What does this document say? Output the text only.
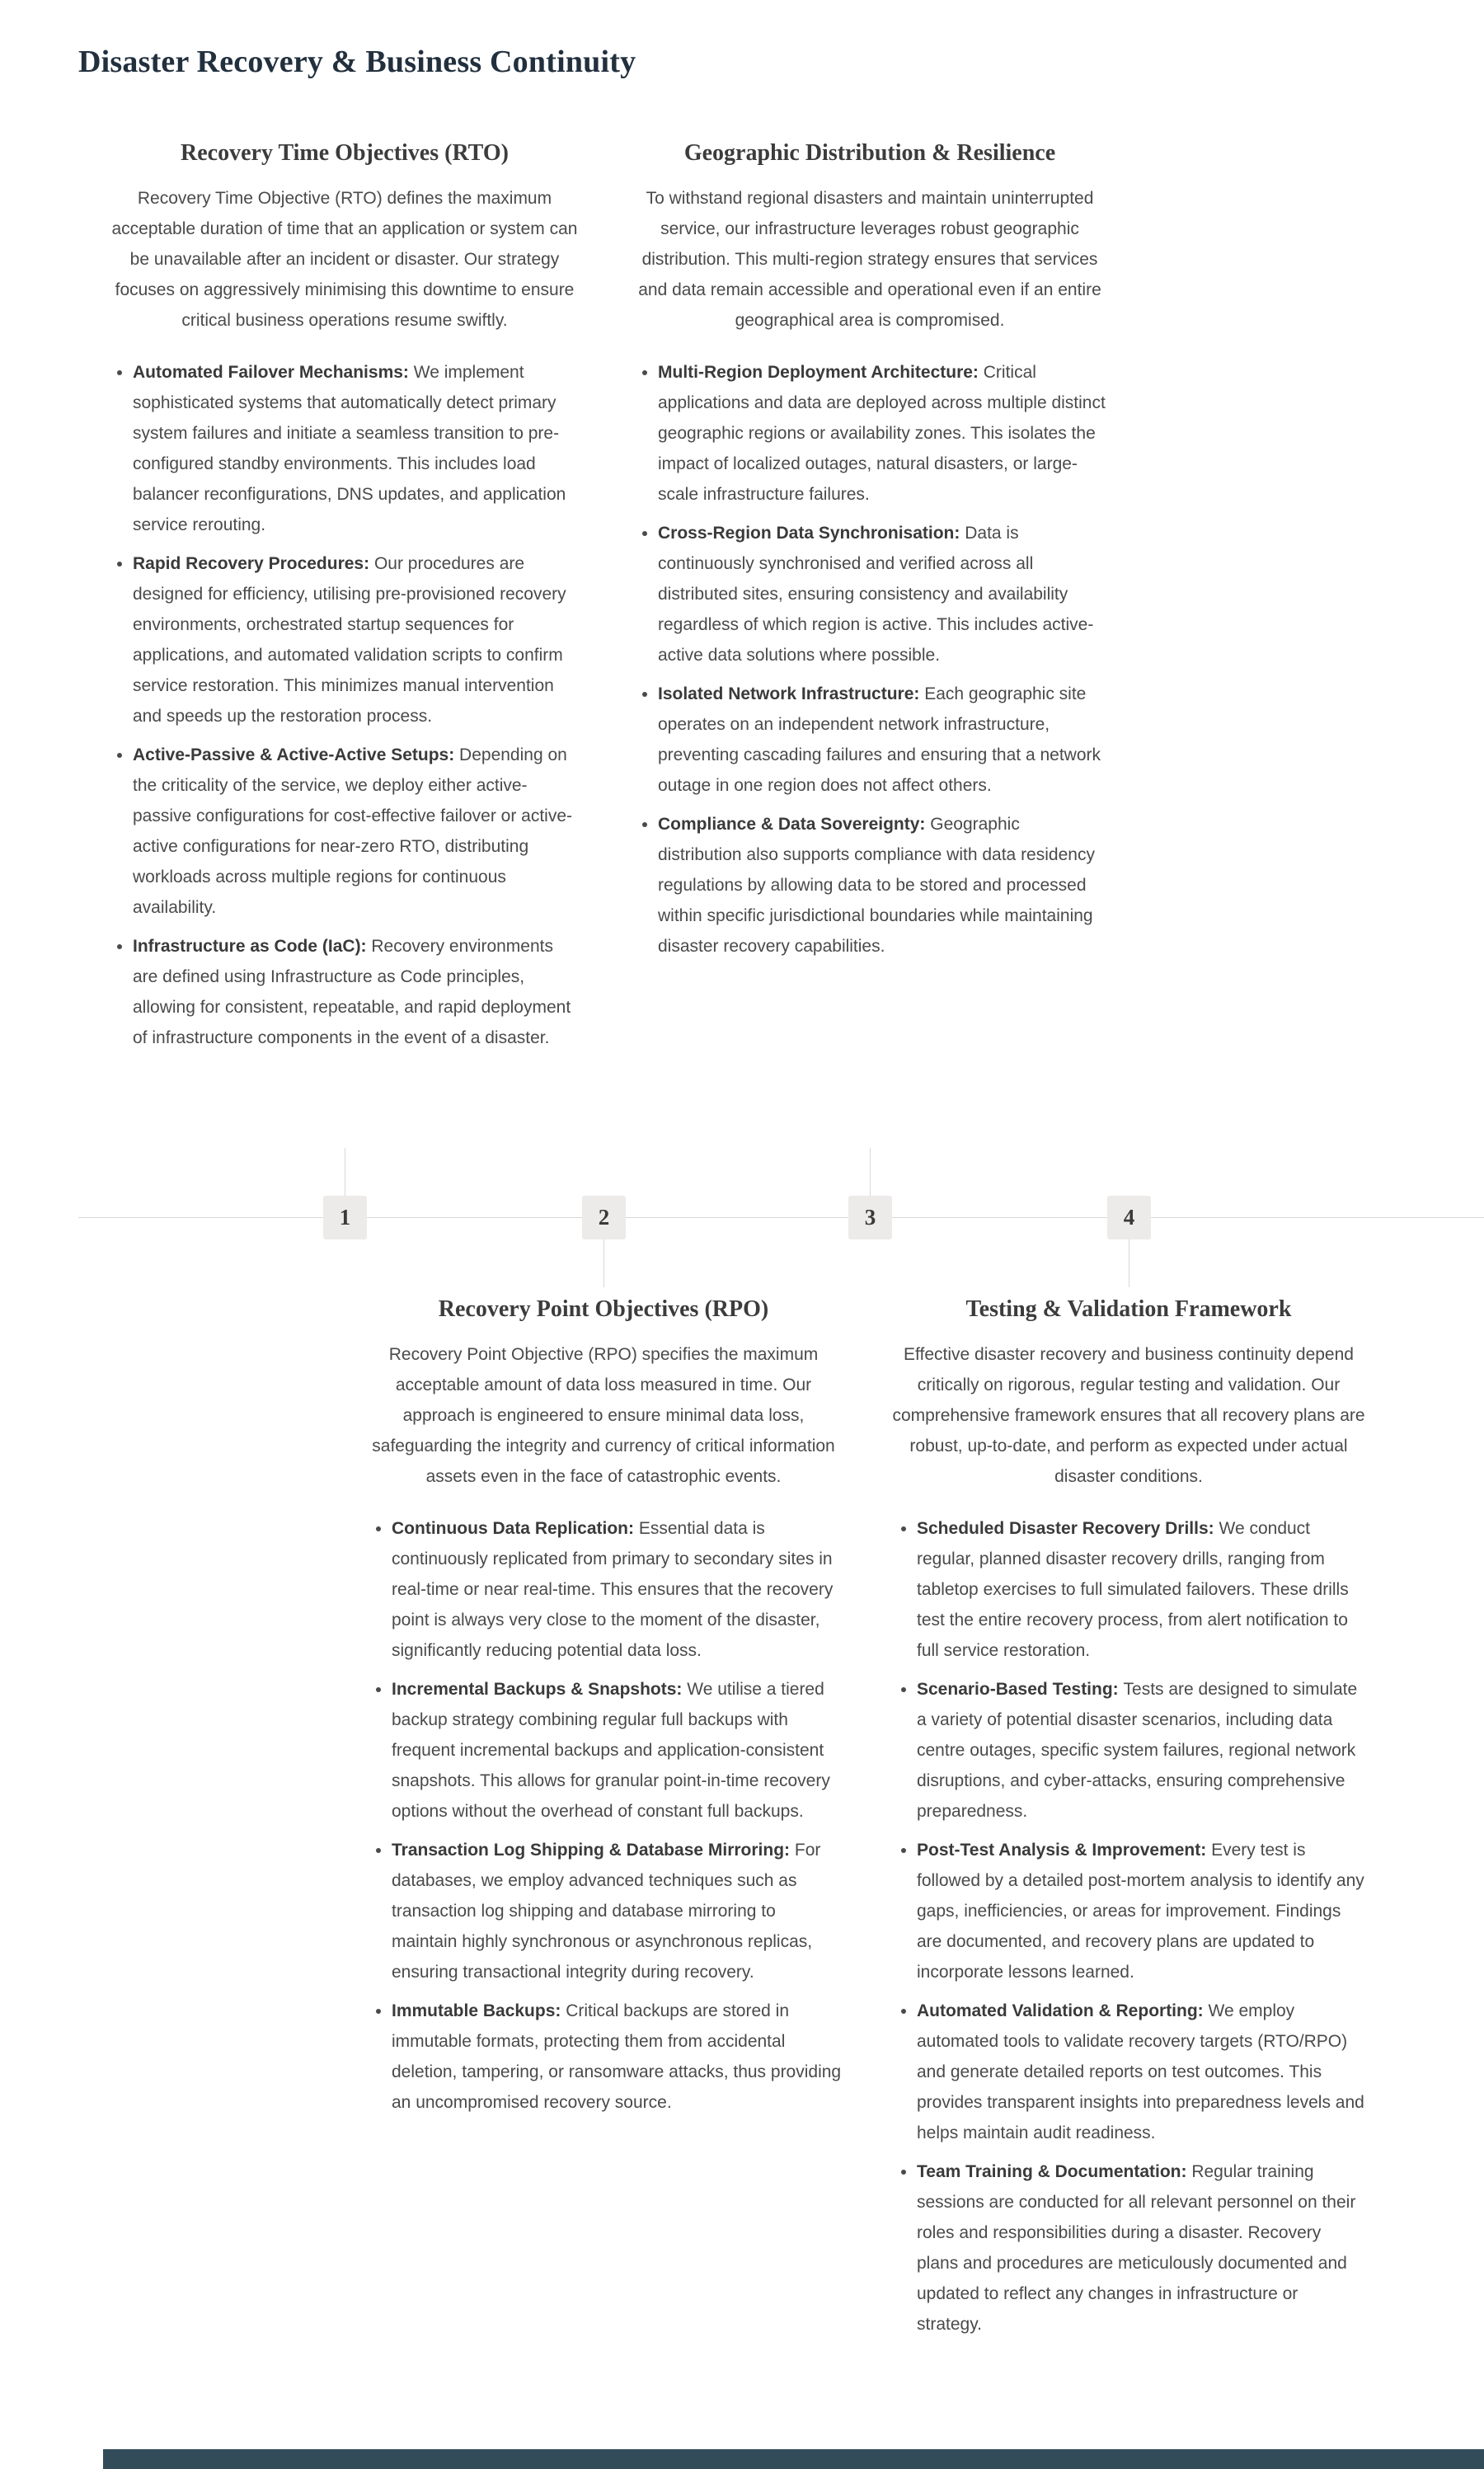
Disaster Recovery & Business Continuity
Recovery Time Objectives (RTO)

Recovery Time Objective (RTO) defines the maximum acceptable duration of time that an application or system can be unavailable after an incident or disaster. Our strategy focuses on aggressively minimising this downtime to ensure critical business operations resume swiftly.

• Automated Failover Mechanisms: We implement sophisticated systems that automatically detect primary system failures and initiate a seamless transition to pre-configured standby environments. This includes load balancer reconfigurations, DNS updates, and application service rerouting.
• Rapid Recovery Procedures: Our procedures are designed for efficiency, utilising pre-provisioned recovery environments, orchestrated startup sequences for applications, and automated validation scripts to confirm service restoration. This minimizes manual intervention and speeds up the restoration process.
• Active-Passive & Active-Active Setups: Depending on the criticality of the service, we deploy either active-passive configurations for cost-effective failover or active-active configurations for near-zero RTO, distributing workloads across multiple regions for continuous availability.
• Infrastructure as Code (IaC): Recovery environments are defined using Infrastructure as Code principles, allowing for consistent, repeatable, and rapid deployment of infrastructure components in the event of a disaster.
Geographic Distribution & Resilience

To withstand regional disasters and maintain uninterrupted service, our infrastructure leverages robust geographic distribution. This multi-region strategy ensures that services and data remain accessible and operational even if an entire geographical area is compromised.

• Multi-Region Deployment Architecture: Critical applications and data are deployed across multiple distinct geographic regions or availability zones. This isolates the impact of localized outages, natural disasters, or large-scale infrastructure failures.
• Cross-Region Data Synchronisation: Data is continuously synchronised and verified across all distributed sites, ensuring consistency and availability regardless of which region is active. This includes active-active data solutions where possible.
• Isolated Network Infrastructure: Each geographic site operates on an independent network infrastructure, preventing cascading failures and ensuring that a network outage in one region does not affect others.
• Compliance & Data Sovereignty: Geographic distribution also supports compliance with data residency regulations by allowing data to be stored and processed within specific jurisdictional boundaries while maintaining disaster recovery capabilities.
1	2	3	4
Recovery Point Objectives (RPO)

Recovery Point Objective (RPO) specifies the maximum acceptable amount of data loss measured in time. Our approach is engineered to ensure minimal data loss, safeguarding the integrity and currency of critical information assets even in the face of catastrophic events.

• Continuous Data Replication: Essential data is continuously replicated from primary to secondary sites in real-time or near real-time. This ensures that the recovery point is always very close to the moment of the disaster, significantly reducing potential data loss.
• Incremental Backups & Snapshots: We utilise a tiered backup strategy combining regular full backups with frequent incremental backups and application-consistent snapshots. This allows for granular point-in-time recovery options without the overhead of constant full backups.
• Transaction Log Shipping & Database Mirroring: For databases, we employ advanced techniques such as transaction log shipping and database mirroring to maintain highly synchronous or asynchronous replicas, ensuring transactional integrity during recovery.
• Immutable Backups: Critical backups are stored in immutable formats, protecting them from accidental deletion, tampering, or ransomware attacks, thus providing an uncompromised recovery source.
Testing & Validation Framework

Effective disaster recovery and business continuity depend critically on rigorous, regular testing and validation. Our comprehensive framework ensures that all recovery plans are robust, up-to-date, and perform as expected under actual disaster conditions.

• Scheduled Disaster Recovery Drills: We conduct regular, planned disaster recovery drills, ranging from tabletop exercises to full simulated failovers. These drills test the entire recovery process, from alert notification to full service restoration.
• Scenario-Based Testing: Tests are designed to simulate a variety of potential disaster scenarios, including data centre outages, specific system failures, regional network disruptions, and cyber-attacks, ensuring comprehensive preparedness.
• Post-Test Analysis & Improvement: Every test is followed by a detailed post-mortem analysis to identify any gaps, inefficiencies, or areas for improvement. Findings are documented, and recovery plans are updated to incorporate lessons learned.
• Automated Validation & Reporting: We employ automated tools to validate recovery targets (RTO/RPO) and generate detailed reports on test outcomes. This provides transparent insights into preparedness levels and helps maintain audit readiness.
• Team Training & Documentation: Regular training sessions are conducted for all relevant personnel on their roles and responsibilities during a disaster. Recovery plans and procedures are meticulously documented and updated to reflect any changes in infrastructure or strategy.
